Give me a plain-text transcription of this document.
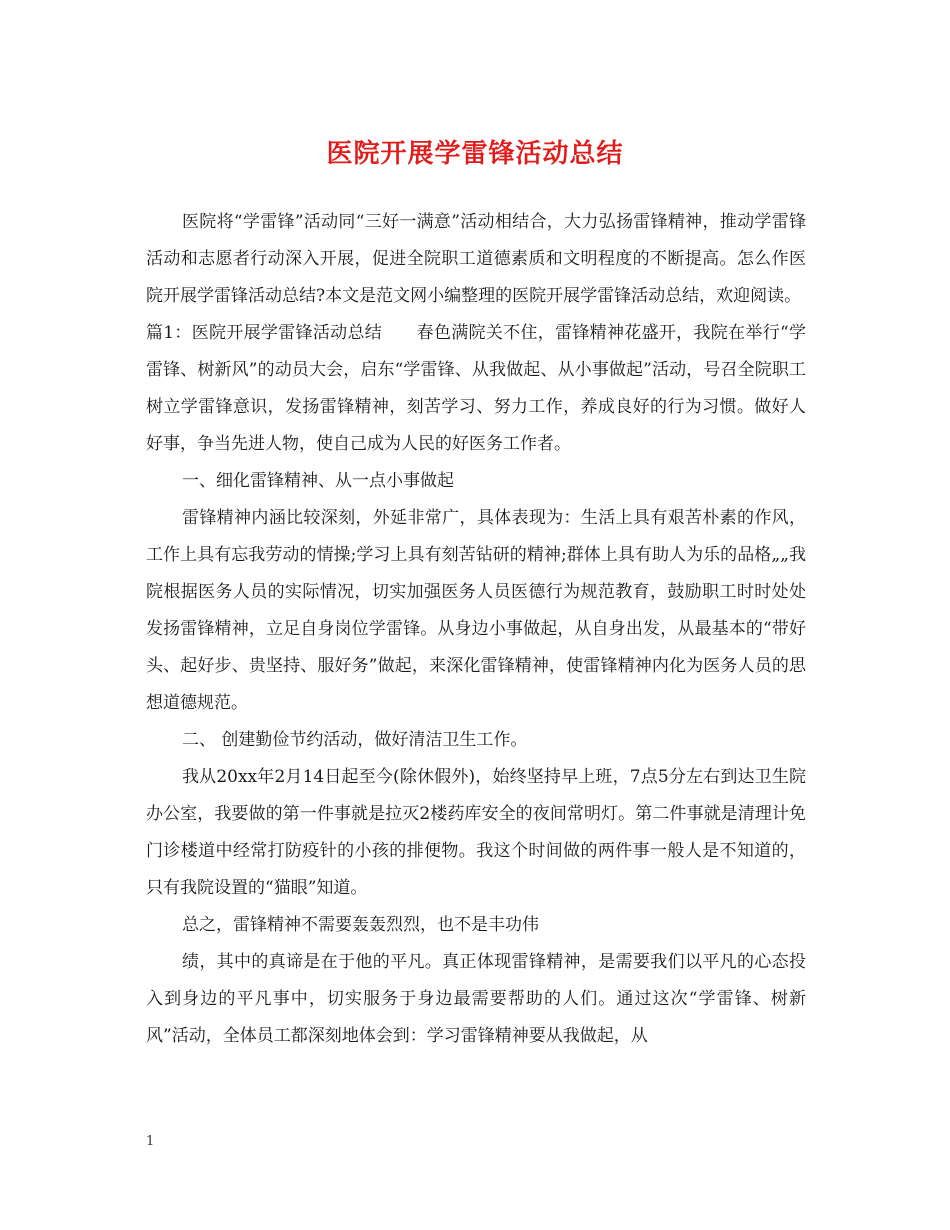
医院开展学雷锋活动总结

医院将“学雷锋”活动同“三好一满意”活动相结合，大力弘扬雷锋精神，推动学雷锋活动和志愿者行动深入开展，促进全院职工道德素质和文明程度的不断提高。怎么作医院开展学雷锋活动总结?本文是范文网小编整理的医院开展学雷锋活动总结，欢迎阅读。

篇1：医院开展学雷锋活动总结　　春色满院关不住，雷锋精神花盛开，我院在举行“学雷锋、树新风”的动员大会，启东“学雷锋、从我做起、从小事做起”活动，号召全院职工树立学雷锋意识，发扬雷锋精神，刻苦学习、努力工作，养成良好的行为习惯。做好人好事，争当先进人物，使自己成为人民的好医务工作者。

一、细化雷锋精神、从一点小事做起

雷锋精神内涵比较深刻，外延非常广，具体表现为：生活上具有艰苦朴素的作风，工作上具有忘我劳动的情操;学习上具有刻苦钻研的精神;群体上具有助人为乐的品格„„我院根据医务人员的实际情况，切实加强医务人员医德行为规范教育，鼓励职工时时处处发扬雷锋精神，立足自身岗位学雷锋。从身边小事做起，从自身出发，从最基本的“带好头、起好步、贵坚持、服好务”做起，来深化雷锋精神，使雷锋精神内化为医务人员的思想道德规范。

二、 创建勤俭节约活动，做好清洁卫生工作。

我从20xx年2月14日起至今(除休假外)，始终坚持早上班，7点5分左右到达卫生院办公室，我要做的第一件事就是拉灭2楼药库安全的夜间常明灯。第二件事就是清理计免门诊楼道中经常打防疫针的小孩的排便物。我这个时间做的两件事一般人是不知道的，只有我院设置的“猫眼”知道。

总之，雷锋精神不需要轰轰烈烈，也不是丰功伟

绩，其中的真谛是在于他的平凡。真正体现雷锋精神，是需要我们以平凡的心态投入到身边的平凡事中，切实服务于身边最需要帮助的人们。通过这次“学雷锋、树新风”活动，全体员工都深刻地体会到：学习雷锋精神要从我做起，从

1
